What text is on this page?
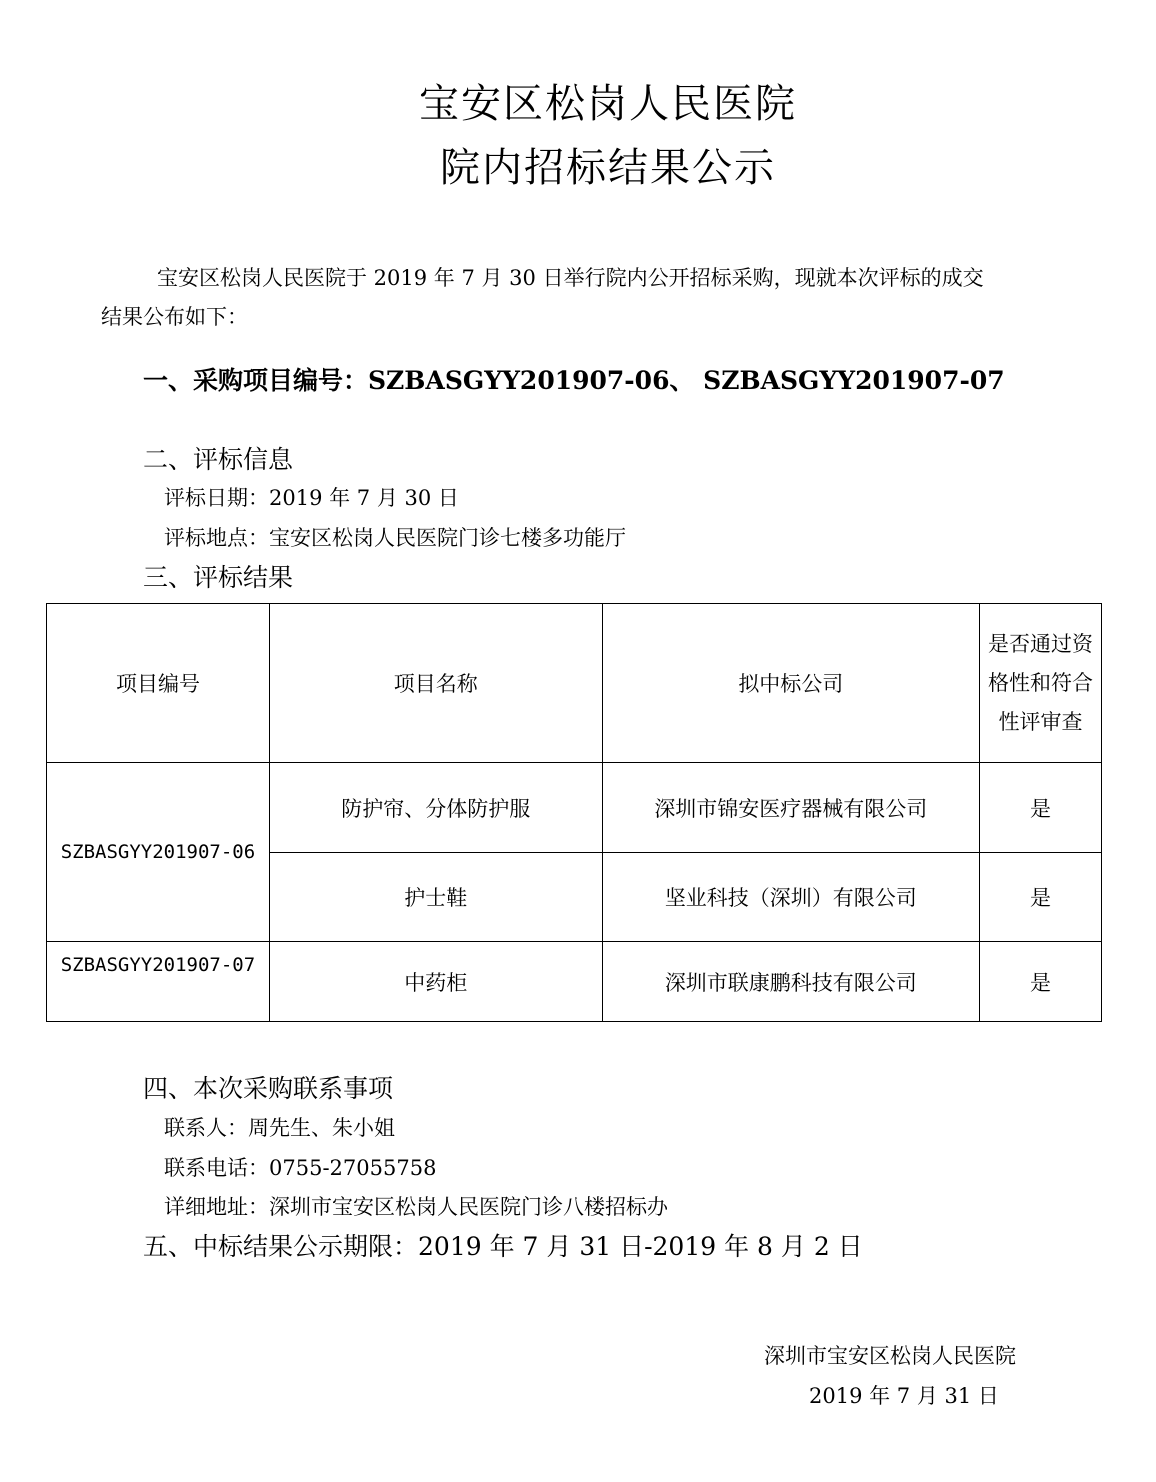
宝安区松岗人民医院
院内招标结果公示
宝安区松岗人民医院于 2019 年 7 月 30 日举行院内公开招标采购，现就本次评标的成交
结果公布如下：
一、采购项目编号：SZBASGYY201907-06、 SZBASGYY201907-07
二、评标信息
评标日期：2019 年 7 月 30 日
评标地点：宝安区松岗人民医院门诊七楼多功能厅
三、评标结果
项目编号	项目名称	拟中标公司	是否通过资格性和符合性评审查

SZBASGYY201907-06	防护帘、分体防护服	深圳市锦安医疗器械有限公司	是
	护士鞋	坚业科技（深圳）有限公司	是
SZBASGYY201907-07	中药柜	深圳市联康鹏科技有限公司	是
四、本次采购联系事项
联系人：周先生、朱小姐
联系电话：0755-27055758
详细地址：深圳市宝安区松岗人民医院门诊八楼招标办
五、中标结果公示期限：2019 年 7 月 31 日-2019 年 8 月 2 日
深圳市宝安区松岗人民医院
2019 年 7 月 31 日
